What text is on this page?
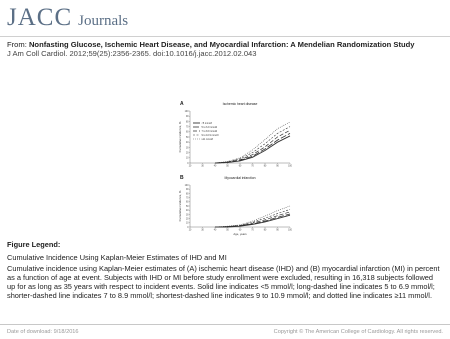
JACC Journals
From: Nonfasting Glucose, Ischemic Heart Disease, and Myocardial Infarction: A Mendelian Randomization Study
J Am Coll Cardiol. 2012;59(25):2356-2365. doi:10.1016/j.jacc.2012.02.043
A	Ischemic heart disease
0
10
20
30
40
50
60
70
80
90
100
20	30	40	50	60	70	80	90	100
Cumulative incidence, %	<5 mmol/l
5 to 6.9 mmol/l
7 to 8.9 mmol/l
9 to 10.9 mmol/l
≥11 mmol/l
B	Myocardial infarction
0
10
20
30
40
50
60
70
80
90
100
20	30	40	50	60	70	80	90	100
Cumulative incidence, %
Age, years
Figure Legend:
Cumulative Incidence Using Kaplan-Meier Estimates of IHD and MI
Cumulative incidence using Kaplan-Meier estimates of (A) ischemic heart disease (IHD) and (B) myocardial infarction (MI) in percent as a function of age at event. Subjects with IHD or MI before study enrollment were excluded, resulting in 16,318 subjects followed up for as long as 35 years with respect to incident events. Solid line indicates <5 mmol/l; long-dashed line indicates 5 to 6.9 mmol/l; shorter-dashed line indicates 7 to 8.9 mmol/l; shortest-dashed line indicates 9 to 10.9 mmol/l; and dotted line indicates ≥11 mmol/l.
Date of download: 9/18/2016	Copyright © The American College of Cardiology. All rights reserved.
